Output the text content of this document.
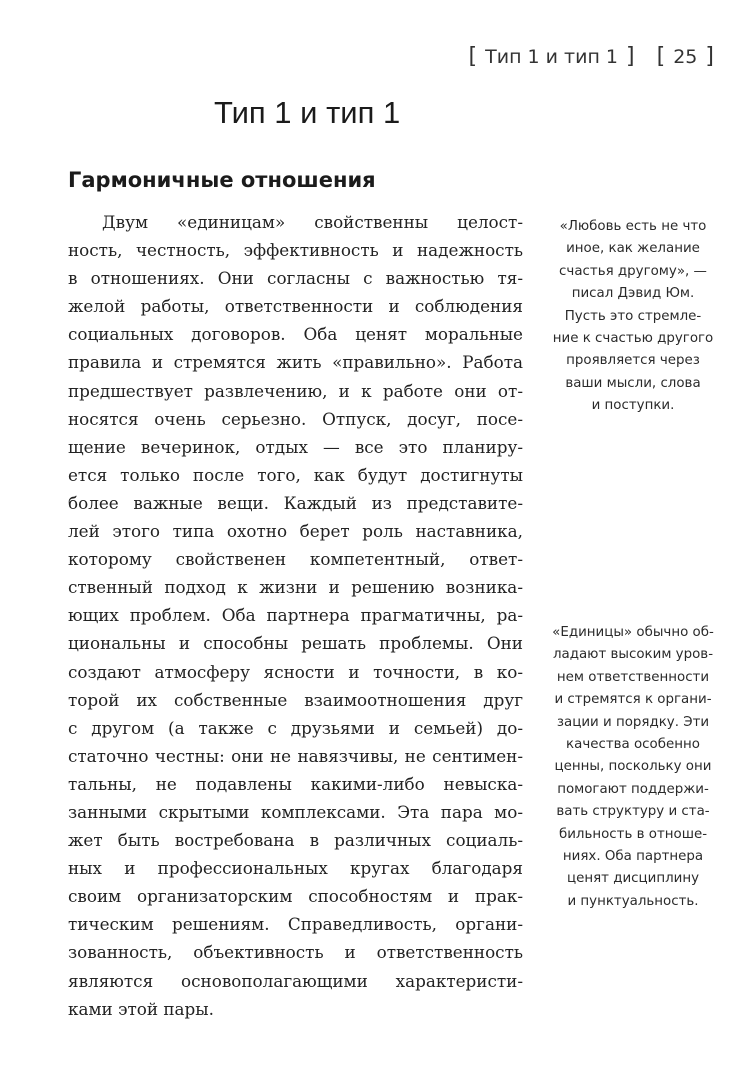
[ Тип 1 и тип 1 ] [ 25 ]
Тип 1 и тип 1
Гармоничные отношения
Двум «единицам» свойственны целост-
ность, честность, эффективность и надежность
в отношениях. Они согласны с важностью тя-
желой работы, ответственности и соблюдения
социальных договоров. Оба ценят моральные
правила и стремятся жить «правильно». Работа
предшествует развлечению, и к работе они от-
носятся очень серьезно. Отпуск, досуг, посе-
щение вечеринок, отдых — все это планиру-
ется только после того, как будут достигнуты
более важные вещи. Каждый из представите-
лей этого типа охотно берет роль наставника,
которому свойственен компетентный, ответ-
ственный подход к жизни и решению возника-
ющих проблем. Оба партнера прагматичны, ра-
циональны и способны решать проблемы. Они
создают атмосферу ясности и точности, в ко-
торой их собственные взаимоотношения друг
с другом (а также с друзьями и семьей) до-
статочно честны: они не навязчивы, не сентимен-
тальны, не подавлены какими-либо невыска-
занными скрытыми комплексами. Эта пара мо-
жет быть востребована в различных социаль-
ных и профессиональных кругах благодаря
своим организаторским способностям и прак-
тическим решениям. Справедливость, органи-
зованность, объективность и ответственность
являются основополагающими характеристи-
ками этой пары.
«Любовь есть не что
иное, как желание
счастья другому», —
писал Дэвид Юм.
Пусть это стремле-
ние к счастью другого
проявляется через
ваши мысли, слова
и поступки.
«Единицы» обычно об-
ладают высоким уров-
нем ответственности
и стремятся к органи-
зации и порядку. Эти
качества особенно
ценны, поскольку они
помогают поддержи-
вать структуру и ста-
бильность в отноше-
ниях. Оба партнера
ценят дисциплину
и пунктуальность.
